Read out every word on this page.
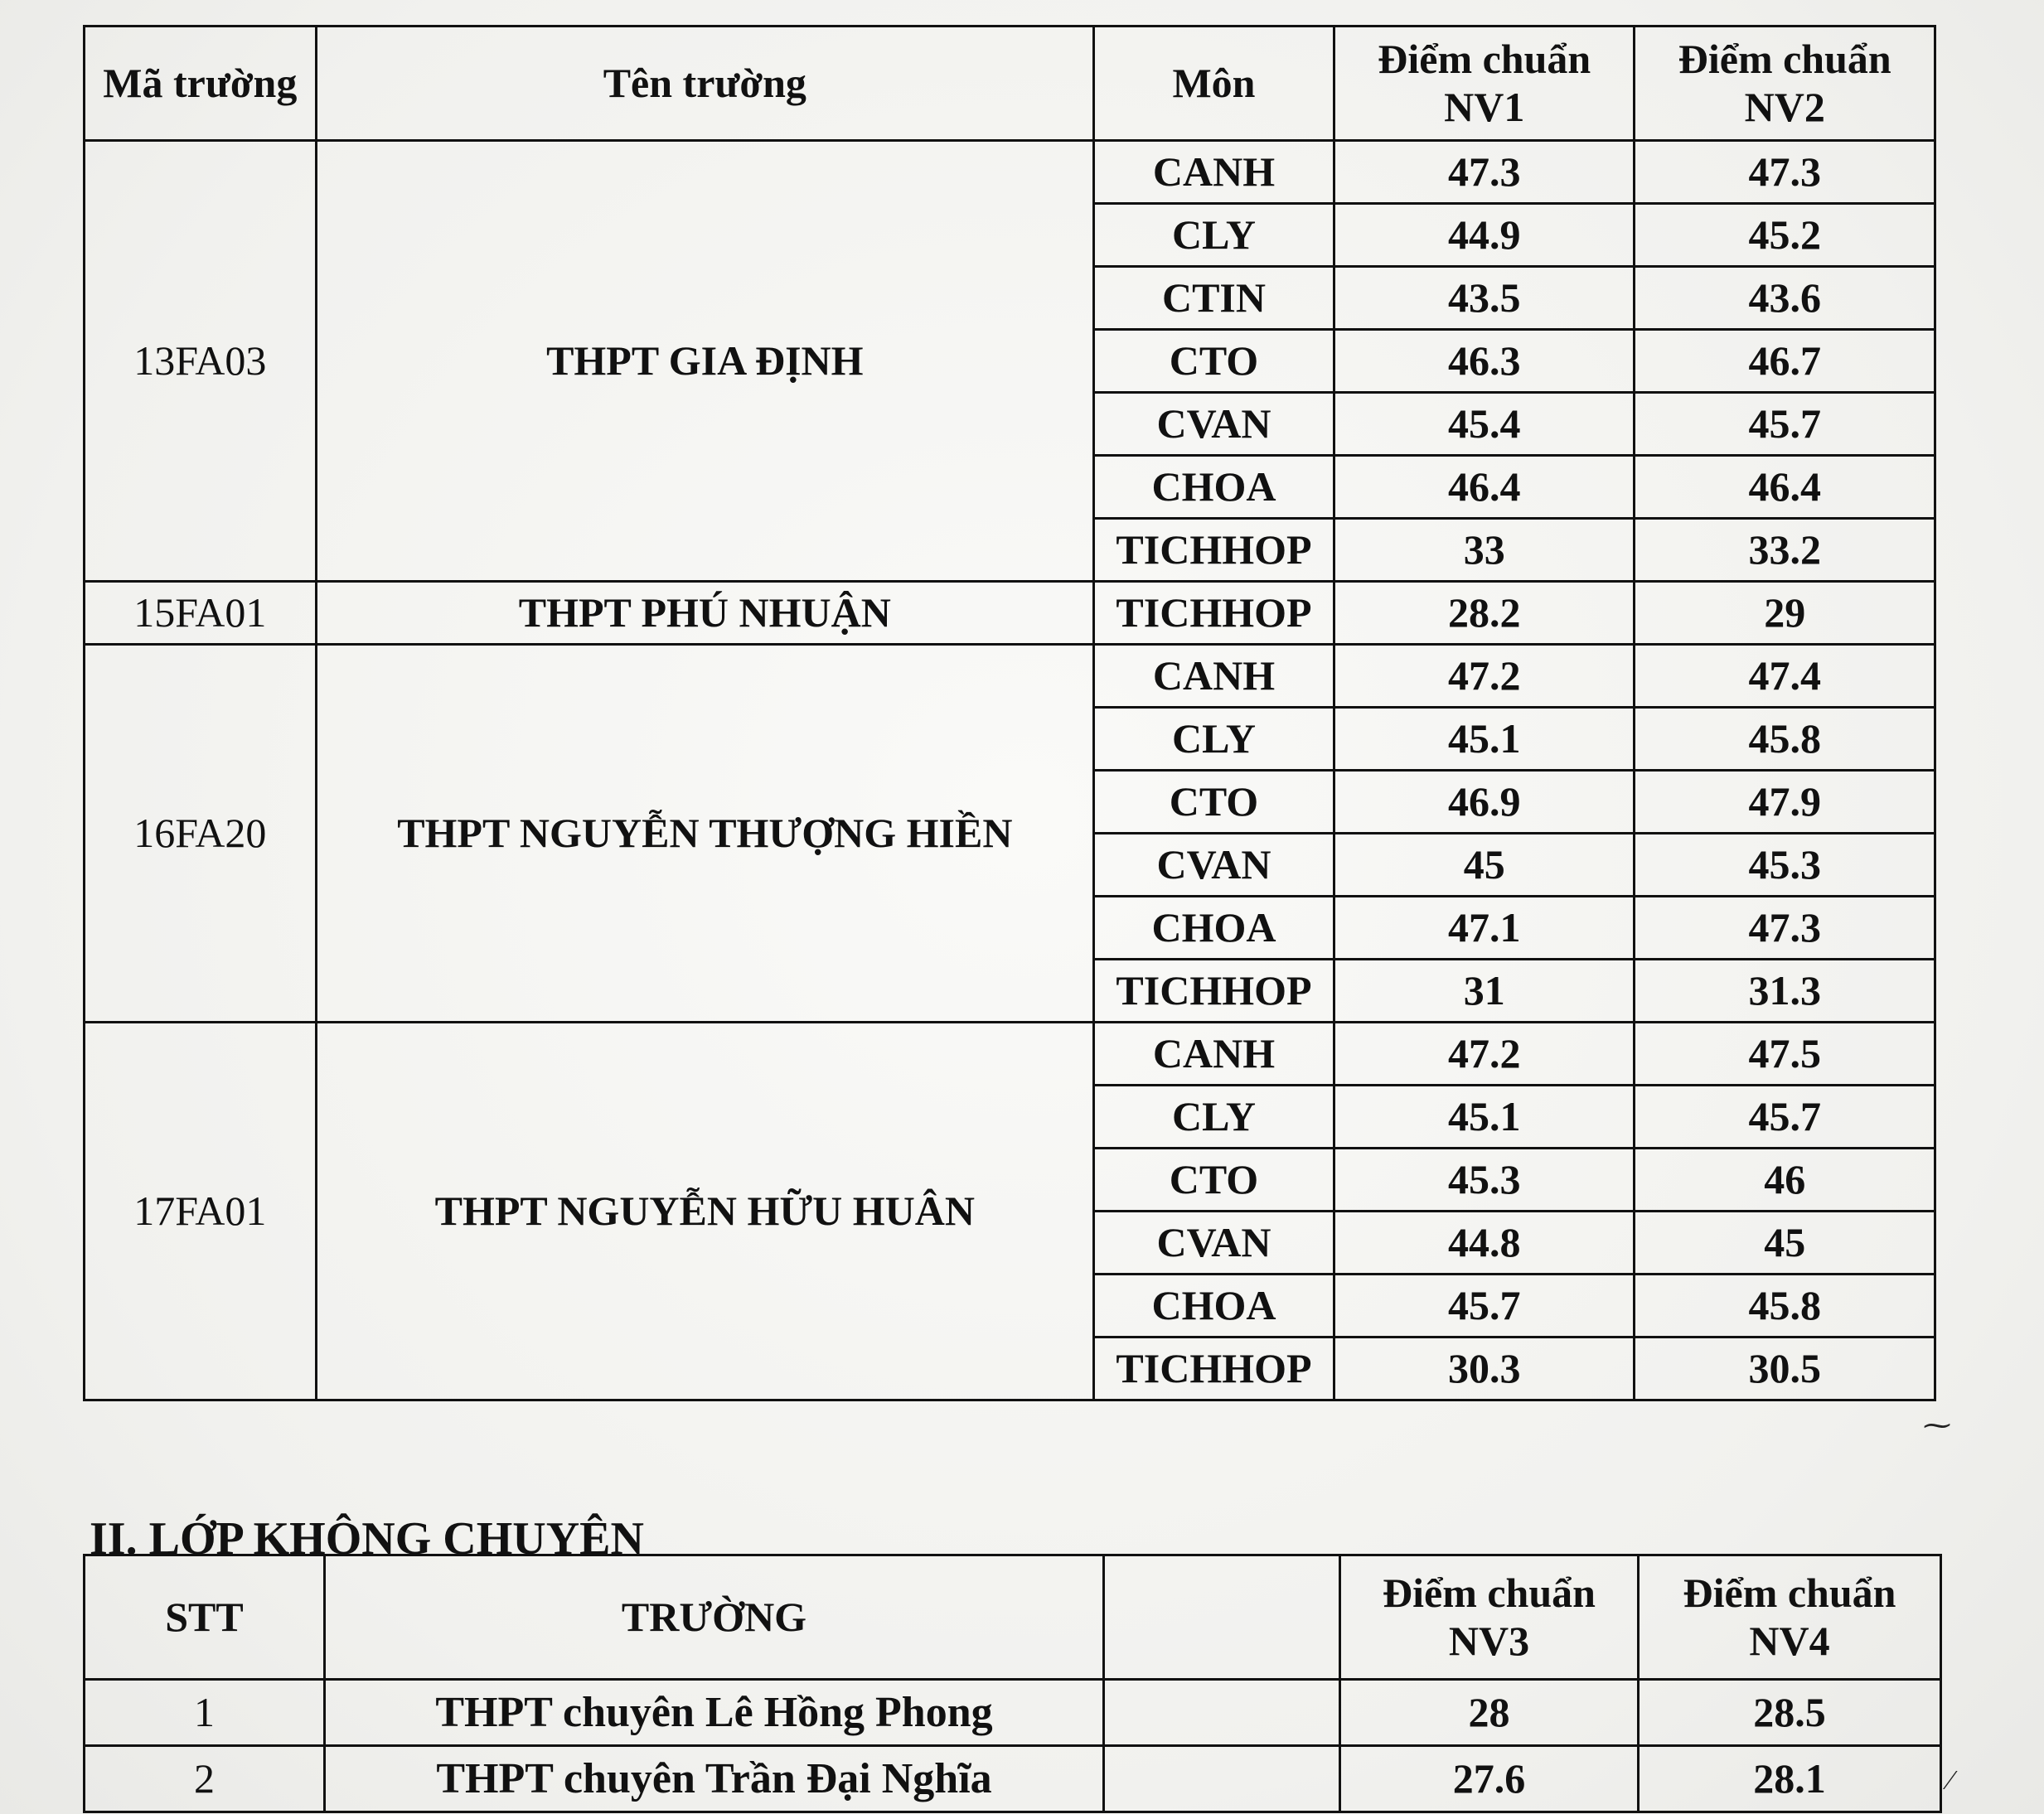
Mã trường	Tên trường	Môn	Điểm chuẩn NV1	Điểm chuẩn NV2
13FA03	THPT GIA ĐỊNH	CANH	47.3	47.3
		CLY	44.9	45.2
		CTIN	43.5	43.6
		CTO	46.3	46.7
		CVAN	45.4	45.7
		CHOA	46.4	46.4
		TICHHOP	33	33.2
15FA01	THPT PHÚ NHUẬN	TICHHOP	28.2	29
16FA20	THPT NGUYỄN THƯỢNG HIỀN	CANH	47.2	47.4
		CLY	45.1	45.8
		CTO	46.9	47.9
		CVAN	45	45.3
		CHOA	47.1	47.3
		TICHHOP	31	31.3
17FA01	THPT NGUYỄN HỮU HUÂN	CANH	47.2	47.5
		CLY	45.1	45.7
		CTO	45.3	46
		CVAN	44.8	45
		CHOA	45.7	45.8
		TICHHOP	30.3	30.5
II. LỚP KHÔNG CHUYÊN
STT	TRƯỜNG		Điểm chuẩn NV3	Điểm chuẩn NV4
1	THPT chuyên Lê Hồng Phong		28	28.5
2	THPT chuyên Trần Đại Nghĩa		27.6	28.1
⁓
⁄
